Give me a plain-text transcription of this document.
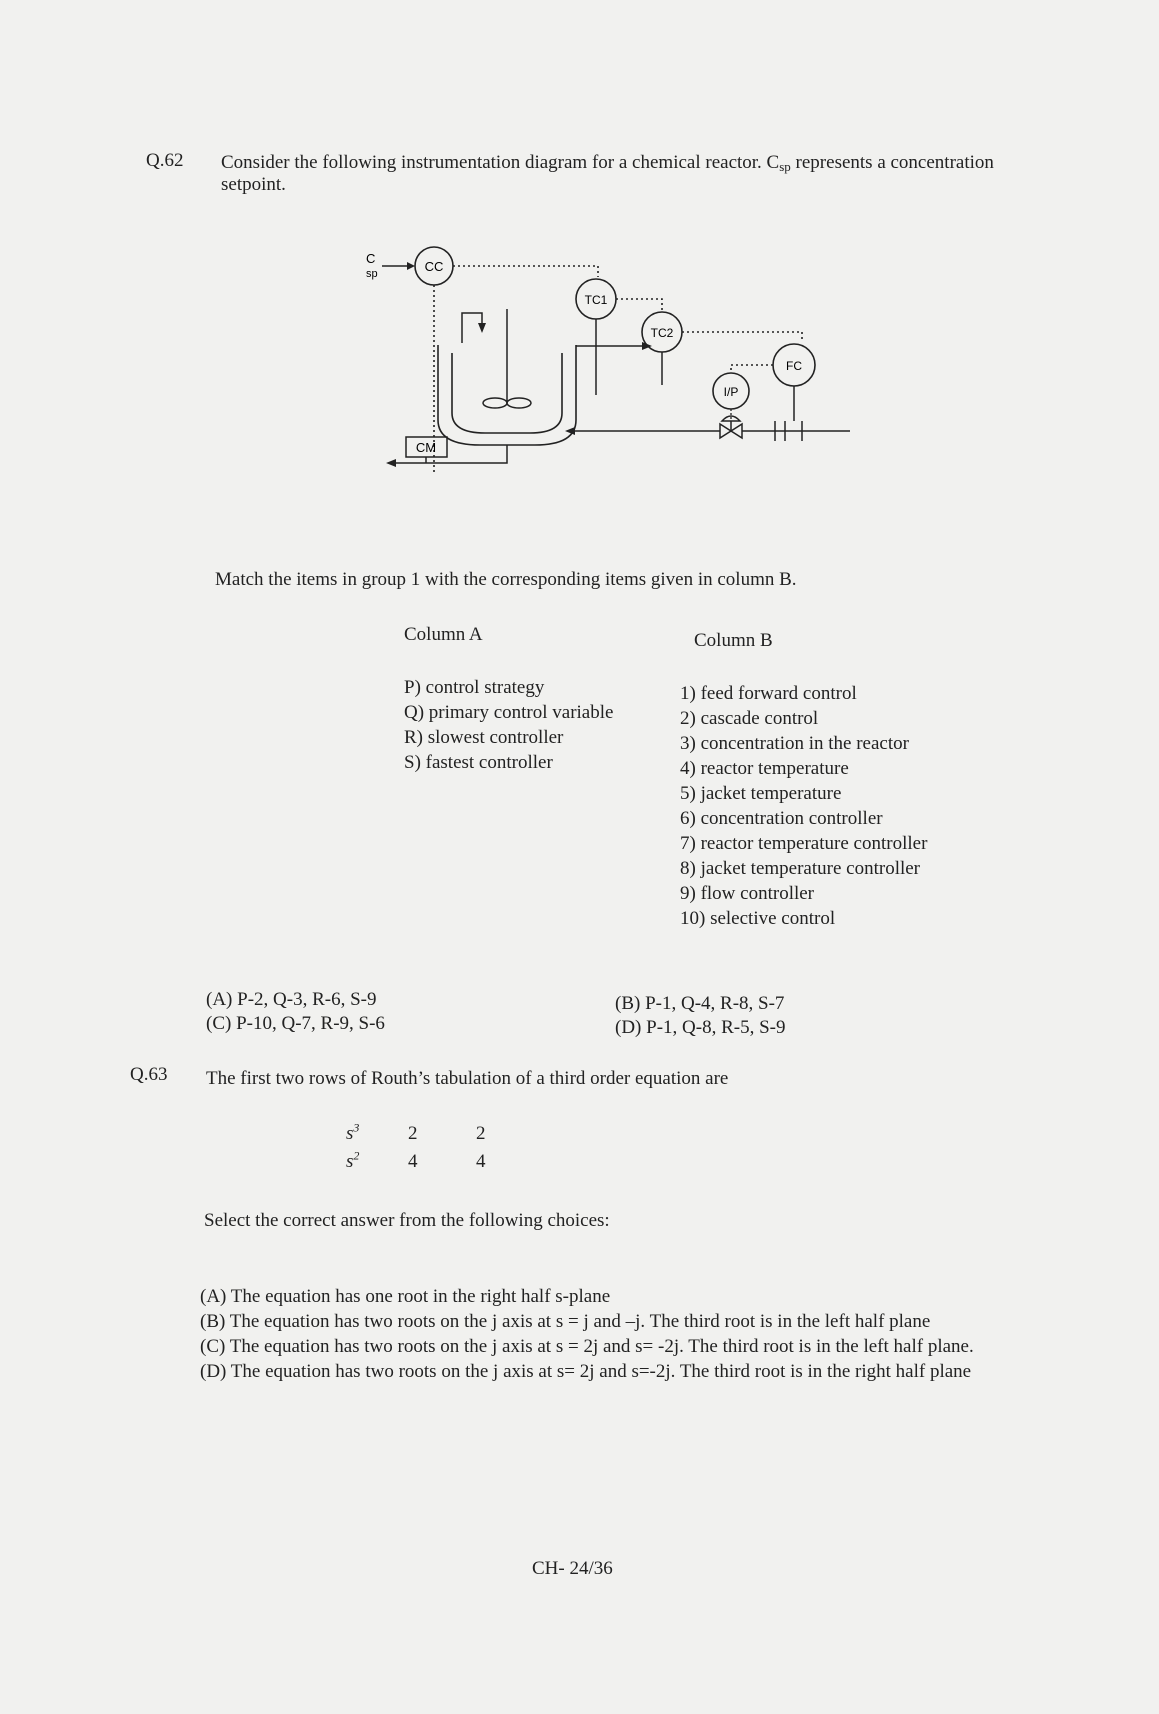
Q.62 Consider the following instrumentation diagram for a chemical reactor. $C_{sp}$ represents a concentration setpoint.
C
sp	CC
TC1
TC2
FC
I/P
CM
Match the items in group 1 with the corresponding items given in column B.
Column A	Column B
P) control strategy
Q) primary control variable
R) slowest controller
S) fastest controller
1) feed forward control
2) cascade control
3) concentration in the reactor
4) reactor temperature
5) jacket temperature
6) concentration controller
7) reactor temperature controller
8) jacket temperature controller
9) flow controller
10) selective control
(A) P-2, Q-3, R-6, S-9
(C) P-10, Q-7, R-9, S-6
(B) P-1, Q-4, R-8, S-7
(D) P-1, Q-8, R-5, S-9
Q.63 The first two rows of Routh’s tabulation of a third order equation are
$s^3$	2	2
$s^2$	4	4
Select the correct answer from the following choices:
(A) The equation has one root in the right half s-plane
(B) The equation has two roots on the j axis at s = j and –j. The third root is in the left half plane
(C) The equation has two roots on the j axis at s = 2j and s= -2j. The third root is in the left half plane.
(D) The equation has two roots on the j axis at s= 2j and s=-2j. The third root is in the right half plane
CH- 24/36
